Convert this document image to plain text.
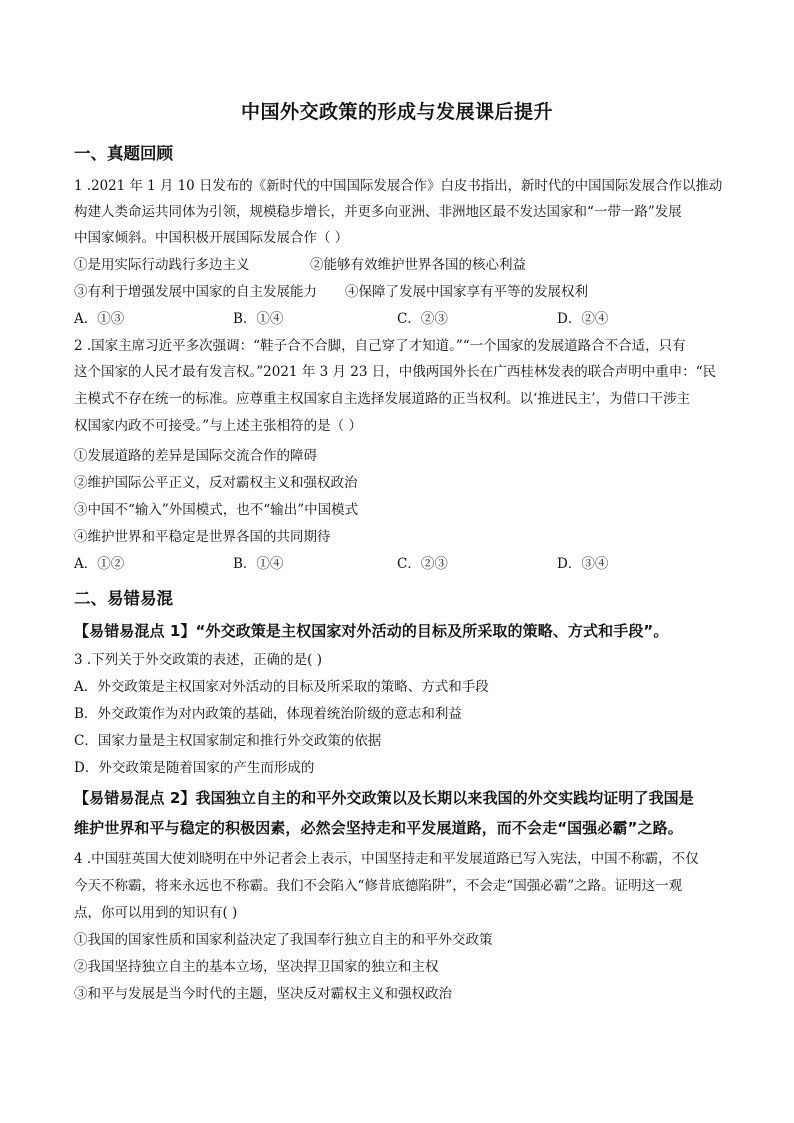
中国外交政策的形成与发展课后提升
一、真题回顾
1 .2021 年 1 月 10 日发布的《新时代的中国国际发展合作》白皮书指出，新时代的中国国际发展合作以推动
构建人类命运共同体为引领，规模稳步增长，并更多向亚洲、非洲地区最不发达国家和“一带一路”发展
中国家倾斜。中国积极开展国际发展合作（ ）
①是用实际行动践行多边主义	②能够有效维护世界各国的核心利益
③有利于增强发展中国家的自主发展能力 ④保障了发展中国家享有平等的发展权利
A．①③	B．①④	C．②③	D．②④
2 .国家主席习近平多次强调：“鞋子合不合脚，自己穿了才知道。”“一个国家的发展道路合不合适，只有
这个国家的人民才最有发言权。”2021 年 3 月 23 日，中俄两国外长在广西桂林发表的联合声明中重申：“民
主模式不存在统一的标准。应尊重主权国家自主选择发展道路的正当权利。以‘推进民主’，为借口干涉主
权国家内政不可接受。”与上述主张相符的是（ ）
①发展道路的差异是国际交流合作的障碍
②维护国际公平正义，反对霸权主义和强权政治
③中国不“输入”外国模式，也不“输出”中国模式
④维护世界和平稳定是世界各国的共同期待
A．①②	B．①④	C．②③	D．③④
二、易错易混
【易错易混点 1】“外交政策是主权国家对外活动的目标及所采取的策略、方式和手段”。
3 .下列关于外交政策的表述，正确的是( )
A．外交政策是主权国家对外活动的目标及所采取的策略、方式和手段
B．外交政策作为对内政策的基础，体现着统治阶级的意志和利益
C．国家力量是主权国家制定和推行外交政策的依据
D．外交政策是随着国家的产生而形成的
【易错易混点 2】我国独立自主的和平外交政策以及长期以来我国的外交实践均证明了我国是
维护世界和平与稳定的积极因素，必然会坚持走和平发展道路，而不会走“国强必霸”之路。
4 .中国驻英国大使刘晓明在中外记者会上表示，中国坚持走和平发展道路已写入宪法，中国不称霸，不仅
今天不称霸，将来永远也不称霸。我们不会陷入“修昔底德陷阱”，不会走“国强必霸”之路。证明这一观
点，你可以用到的知识有( )
①我国的国家性质和国家利益决定了我国奉行独立自主的和平外交政策
②我国坚持独立自主的基本立场，坚决捍卫国家的独立和主权
③和平与发展是当今时代的主题，坚决反对霸权主义和强权政治
